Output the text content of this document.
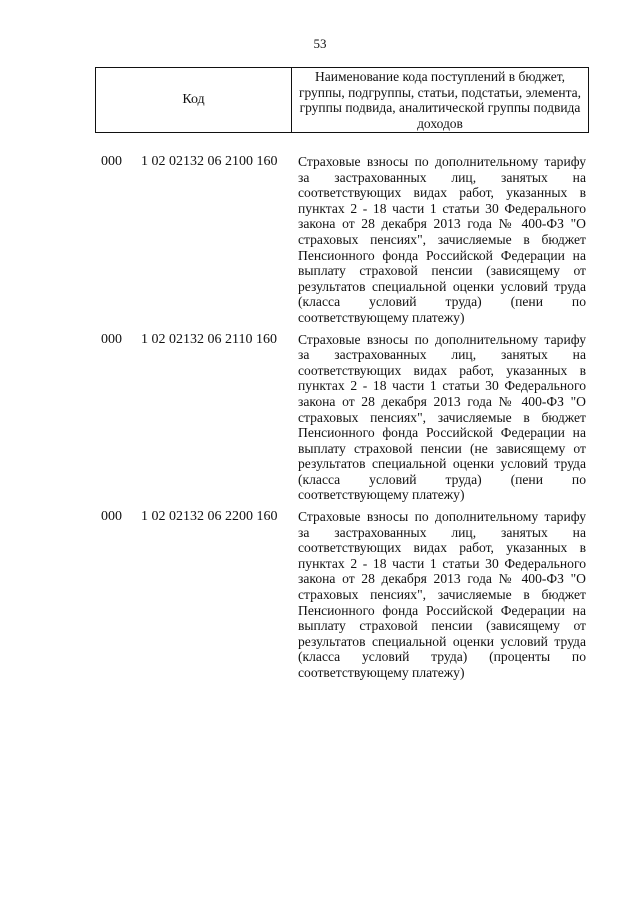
53
Код
Наименование кода поступлений в бюджет, группы, подгруппы, статьи, подстатьи, элемента, группы подвида, аналитической группы подвида доходов
000 1 02 02132 06 2100 160 Страховые взносы по дополнительному тарифу за застрахованных лиц, занятых на соответствующих видах работ, указанных в пунктах 2 - 18 части 1 статьи 30 Федерального закона от 28 декабря 2013 года № 400-ФЗ "О страховых пенсиях", зачисляемые в бюджет Пенсионного фонда Российской Федерации на выплату страховой пенсии (зависящему от результатов специальной оценки условий труда (класса условий труда) (пени по соответствующему платежу)
000 1 02 02132 06 2110 160 Страховые взносы по дополнительному тарифу за застрахованных лиц, занятых на соответствующих видах работ, указанных в пунктах 2 - 18 части 1 статьи 30 Федерального закона от 28 декабря 2013 года № 400-ФЗ "О страховых пенсиях", зачисляемые в бюджет Пенсионного фонда Российской Федерации на выплату страховой пенсии (не зависящему от результатов специальной оценки условий труда (класса условий труда) (пени по соответствующему платежу)
000 1 02 02132 06 2200 160 Страховые взносы по дополнительному тарифу за застрахованных лиц, занятых на соответствующих видах работ, указанных в пунктах 2 - 18 части 1 статьи 30 Федерального закона от 28 декабря 2013 года № 400-ФЗ "О страховых пенсиях", зачисляемые в бюджет Пенсионного фонда Российской Федерации на выплату страховой пенсии (зависящему от результатов специальной оценки условий труда (класса условий труда) (проценты по соответствующему платежу)
